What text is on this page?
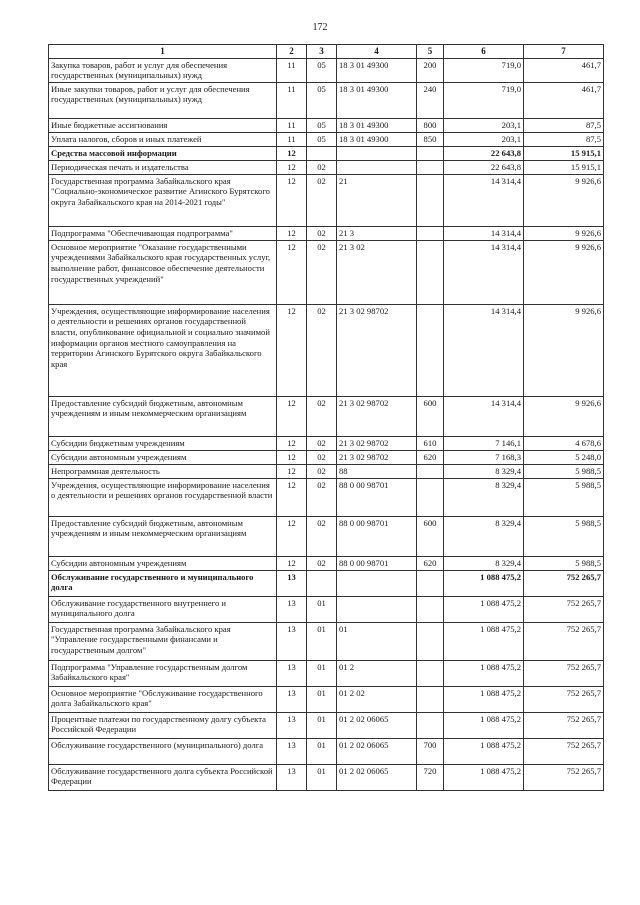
172
1	2	3	4	5	6	7
Закупка товаров, работ и услуг для обеспечения государственных (муниципальных) нужд	11	05	18 3 01 49300	200	719,0	461,7
Иные закупки товаров, работ и услуг для обеспечения государственных (муниципальных) нужд	11	05	18 3 01 49300	240	719,0	461,7
Иные бюджетные ассигнования	11	05	18 3 01 49300	800	203,1	87,5
Уплата налогов, сборов и иных платежей	11	05	18 3 01 49300	850	203,1	87,5
Средства массовой информации	12				22 643,8	15 915,1
Периодическая печать и издательства	12	02			22 643,8	15 915,1
Государственная программа Забайкальского края "Социально-экономическое развитие Агинского Бурятского округа Забайкальского края на 2014-2021 годы"	12	02	21		14 314,4	9 926,6
Подпрограмма "Обеспечивающая подпрограмма"	12	02	21 3		14 314,4	9 926,6
Основное мероприятие "Оказание государственными учреждениями Забайкальского края государственных услуг, выполнение работ, финансовое обеспечение деятельности государственных учреждений"	12	02	21 3 02		14 314,4	9 926,6
Учреждения, осуществляющие информирование населения о деятельности и решениях органов государственной власти, опубликование официальной и социально значимой информации органов местного самоуправления на территории Агинского Бурятского округа Забайкальского края	12	02	21 3 02 98702		14 314,4	9 926,6
Предоставление субсидий бюджетным, автономным учреждениям и иным некоммерческим организациям	12	02	21 3 02 98702	600	14 314,4	9 926,6
Субсидии бюджетным учреждениям	12	02	21 3 02 98702	610	7 146,1	4 678,6
Субсидии автономным учреждениям	12	02	21 3 02 98702	620	7 168,3	5 248,0
Непрограммная деятельность	12	02	88		8 329,4	5 988,5
Учреждения, осуществляющие информирование населения о деятельности и решениях органов государственной власти	12	02	88 0 00 98701		8 329,4	5 988,5
Предоставление субсидий бюджетным, автономным учреждениям и иным некоммерческим организациям	12	02	88 0 00 98701	600	8 329,4	5 988,5
Субсидии автономным учреждениям	12	02	88 0 00 98701	620	8 329,4	5 988,5
Обслуживание государственного и муниципального долга	13				1 088 475,2	752 265,7
Обслуживание государственного внутреннего и муниципального долга	13	01			1 088 475,2	752 265,7
Государственная программа Забайкальского края "Управление государственными финансами и государственным долгом"	13	01	01		1 088 475,2	752 265,7
Подпрограмма "Управление государственным долгом Забайкальского края"	13	01	01 2		1 088 475,2	752 265,7
Основное мероприятие "Обслуживание государственного долга Забайкальского края"	13	01	01 2 02		1 088 475,2	752 265,7
Процентные платежи по государственному долгу субъекта Российской Федерации	13	01	01 2 02 06065		1 088 475,2	752 265,7
Обслуживание государственного (муниципального) долга	13	01	01 2 02 06065	700	1 088 475,2	752 265,7
Обслуживание государственного долга субъекта Российской Федерации	13	01	01 2 02 06065	720	1 088 475,2	752 265,7
